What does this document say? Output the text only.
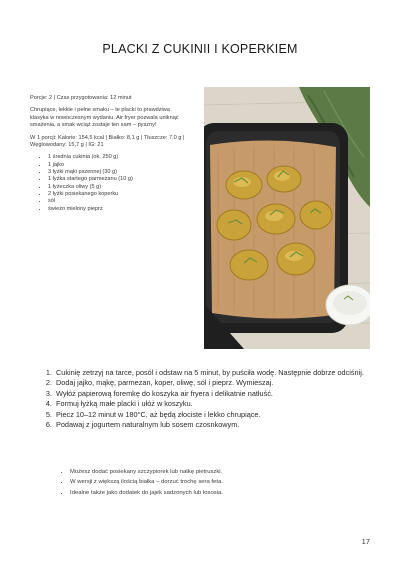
PLACKI Z CUKINII I KOPERKIEM

Porcje: 2 | Czas przygotowania: 12 minut

Chrupiące, lekkie i pełne smaku – te placki to prawdziwa klasyka w nowoczesnym wydaniu. Air fryer pozwala uniknąć smażenia, a smak wciąż zostaje ten sam – pyszny!

W 1 porcji: Kalorie: 154,5 kcal | Białko: 8,1 g | Tłuszcze: 7,0 g | Węglowodany: 15,7 g | IG: 21

• 1 średnia cukinia (ok. 250 g)
• 1 jajko
• 3 łyżki mąki pszennej (30 g)
• 1 łyżka startego parmezanu (10 g)
• 1 łyżeczka oliwy (5 g)
• 2 łyżki posiekanego koperku
• sól
• świeżo mielony pieprz
1. Cukinię zetrzyj na tarce, posól i odstaw na 5 minut, by puściła wodę. Następnie dobrze odciśnij.
2. Dodaj jajko, mąkę, parmezan, koper, oliwę, sól i pieprz. Wymieszaj.
3. Wyłóż papierową foremkę do koszyka air fryera i delikatnie natłuść.
4. Formuj łyżką małe placki i ułóż w koszyku.
5. Piecz 10–12 minut w 180°C, aż będą złociste i lekko chrupiące.
6. Podawaj z jogurtem naturalnym lub sosem czosnkowym.
• Możesz dodać posiekany szczypiorek lub natkę pietruszki.
• W wersji z większą ilością białka – dorzuć trochę sera feta.
• Idealne także jako dodatek do jajek sadzonych lub łososia.
17
